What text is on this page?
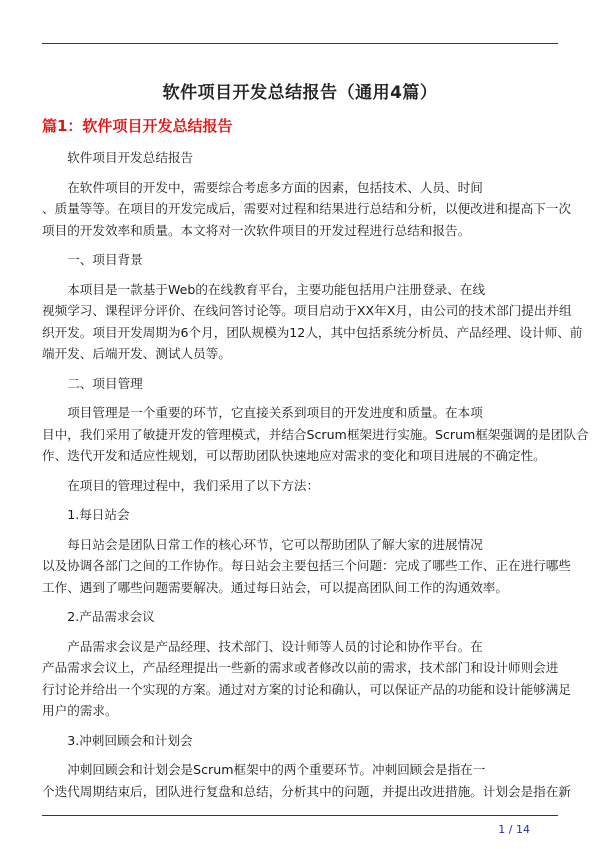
软件项目开发总结报告（通用4篇）
篇1：软件项目开发总结报告
软件项目开发总结报告
在软件项目的开发中，需要综合考虑多方面的因素，包括技术、人员、时间
、质量等等。在项目的开发完成后，需要对过程和结果进行总结和分析，以便改进和提高下一次
项目的开发效率和质量。本文将对一次软件项目的开发过程进行总结和报告。
一、项目背景
本项目是一款基于Web的在线教育平台，主要功能包括用户注册登录、在线
视频学习、课程评分评价、在线问答讨论等。项目启动于XX年X月，由公司的技术部门提出并组
织开发。项目开发周期为6个月，团队规模为12人，其中包括系统分析员、产品经理、设计师、前
端开发、后端开发、测试人员等。
二、项目管理
项目管理是一个重要的环节，它直接关系到项目的开发进度和质量。在本项
目中，我们采用了敏捷开发的管理模式，并结合Scrum框架进行实施。Scrum框架强调的是团队合
作、迭代开发和适应性规划，可以帮助团队快速地应对需求的变化和项目进展的不确定性。
在项目的管理过程中，我们采用了以下方法：
1.每日站会
每日站会是团队日常工作的核心环节，它可以帮助团队了解大家的进展情况
以及协调各部门之间的工作协作。每日站会主要包括三个问题：完成了哪些工作、正在进行哪些
工作、遇到了哪些问题需要解决。通过每日站会，可以提高团队间工作的沟通效率。
2.产品需求会议
产品需求会议是产品经理、技术部门、设计师等人员的讨论和协作平台。在
产品需求会议上，产品经理提出一些新的需求或者修改以前的需求，技术部门和设计师则会进
行讨论并给出一个实现的方案。通过对方案的讨论和确认，可以保证产品的功能和设计能够满足
用户的需求。
3.冲刺回顾会和计划会
冲刺回顾会和计划会是Scrum框架中的两个重要环节。冲刺回顾会是指在一
个迭代周期结束后，团队进行复盘和总结，分析其中的问题，并提出改进措施。计划会是指在新
1 / 14
